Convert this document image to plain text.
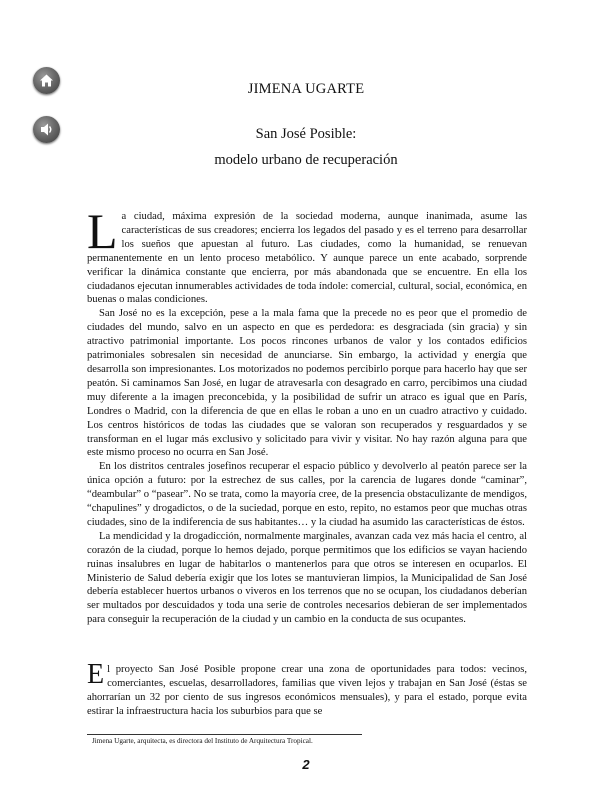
JIMENA UGARTE
San José Posible:
modelo urbano de recuperación

La ciudad, máxima expresión de la sociedad moderna, aunque inanimada, asume las características de sus creadores; encierra los legados del pasado y es el terreno para desarrollar los sueños que apuestan al futuro. Las ciudades, como la humanidad, se renuevan permanentemente en un lento proceso metabólico. Y aunque parece un ente acabado, sorprende verificar la dinámica constante que encierra, por más abandonada que se encuentre. En ella los ciudadanos ejecutan innumerables actividades de toda índole: comercial, cultural, social, económica, en buenas o malas condiciones.

San José no es la excepción, pese a la mala fama que la precede no es peor que el promedio de ciudades del mundo, salvo en un aspecto en que es perdedora: es desgraciada (sin gracia) y sin atractivo patrimonial importante. Los pocos rincones urbanos de valor y los contados edificios patrimoniales sobresalen sin necesidad de anunciarse. Sin embargo, la actividad y energía que desarrolla son impresionantes. Los motorizados no podemos percibirlo porque para hacerlo hay que ser peatón. Si caminamos San José, en lugar de atravesarla con desagrado en carro, percibimos una ciudad muy diferente a la imagen preconcebida, y la posibilidad de sufrir un atraco es igual que en París, Londres o Madrid, con la diferencia de que en ellas le roban a uno en un cuadro atractivo y cuidado. Los centros históricos de todas las ciudades que se valoran son recuperados y resguardados y se transforman en el lugar más exclusivo y solicitado para vivir y visitar. No hay razón alguna para que este mismo proceso no ocurra en San José.

En los distritos centrales josefinos recuperar el espacio público y devolverlo al peatón parece ser la única opción a futuro: por la estrechez de sus calles, por la carencia de lugares donde “caminar”, “deambular” o “pasear”. No se trata, como la mayoría cree, de la presencia obstaculizante de mendigos, “chapulines” y drogadictos, o de la suciedad, porque en esto, repito, no estamos peor que muchas otras ciudades, sino de la indiferencia de sus habitantes… y la ciudad ha asumido las características de éstos.

La mendicidad y la drogadicción, normalmente marginales, avanzan cada vez más hacia el centro, al corazón de la ciudad, porque lo hemos dejado, porque permitimos que los edificios se vayan haciendo ruinas insalubres en lugar de habitarlos o mantenerlos para que otros se interesen en ocuparlos. El Ministerio de Salud debería exigir que los lotes se mantuvieran limpios, la Municipalidad de San José debería establecer huertos urbanos o viveros en los terrenos que no se ocupan, los ciudadanos deberían ser multados por descuidados y toda una serie de controles necesarios debieran de ser implementados para conseguir la recuperación de la ciudad y un cambio en la conducta de sus ocupantes.

El proyecto San José Posible propone crear una zona de oportunidades para todos: vecinos, comerciantes, escuelas, desarrolladores, familias que viven lejos y trabajan en San José (éstas se ahorrarían un 32 por ciento de sus ingresos económicos mensuales), y para el estado, porque evita estirar la infraestructura hacia los suburbios para que se

Jimena Ugarte, arquitecta, es directora del Instituto de Arquitectura Tropical.
2
